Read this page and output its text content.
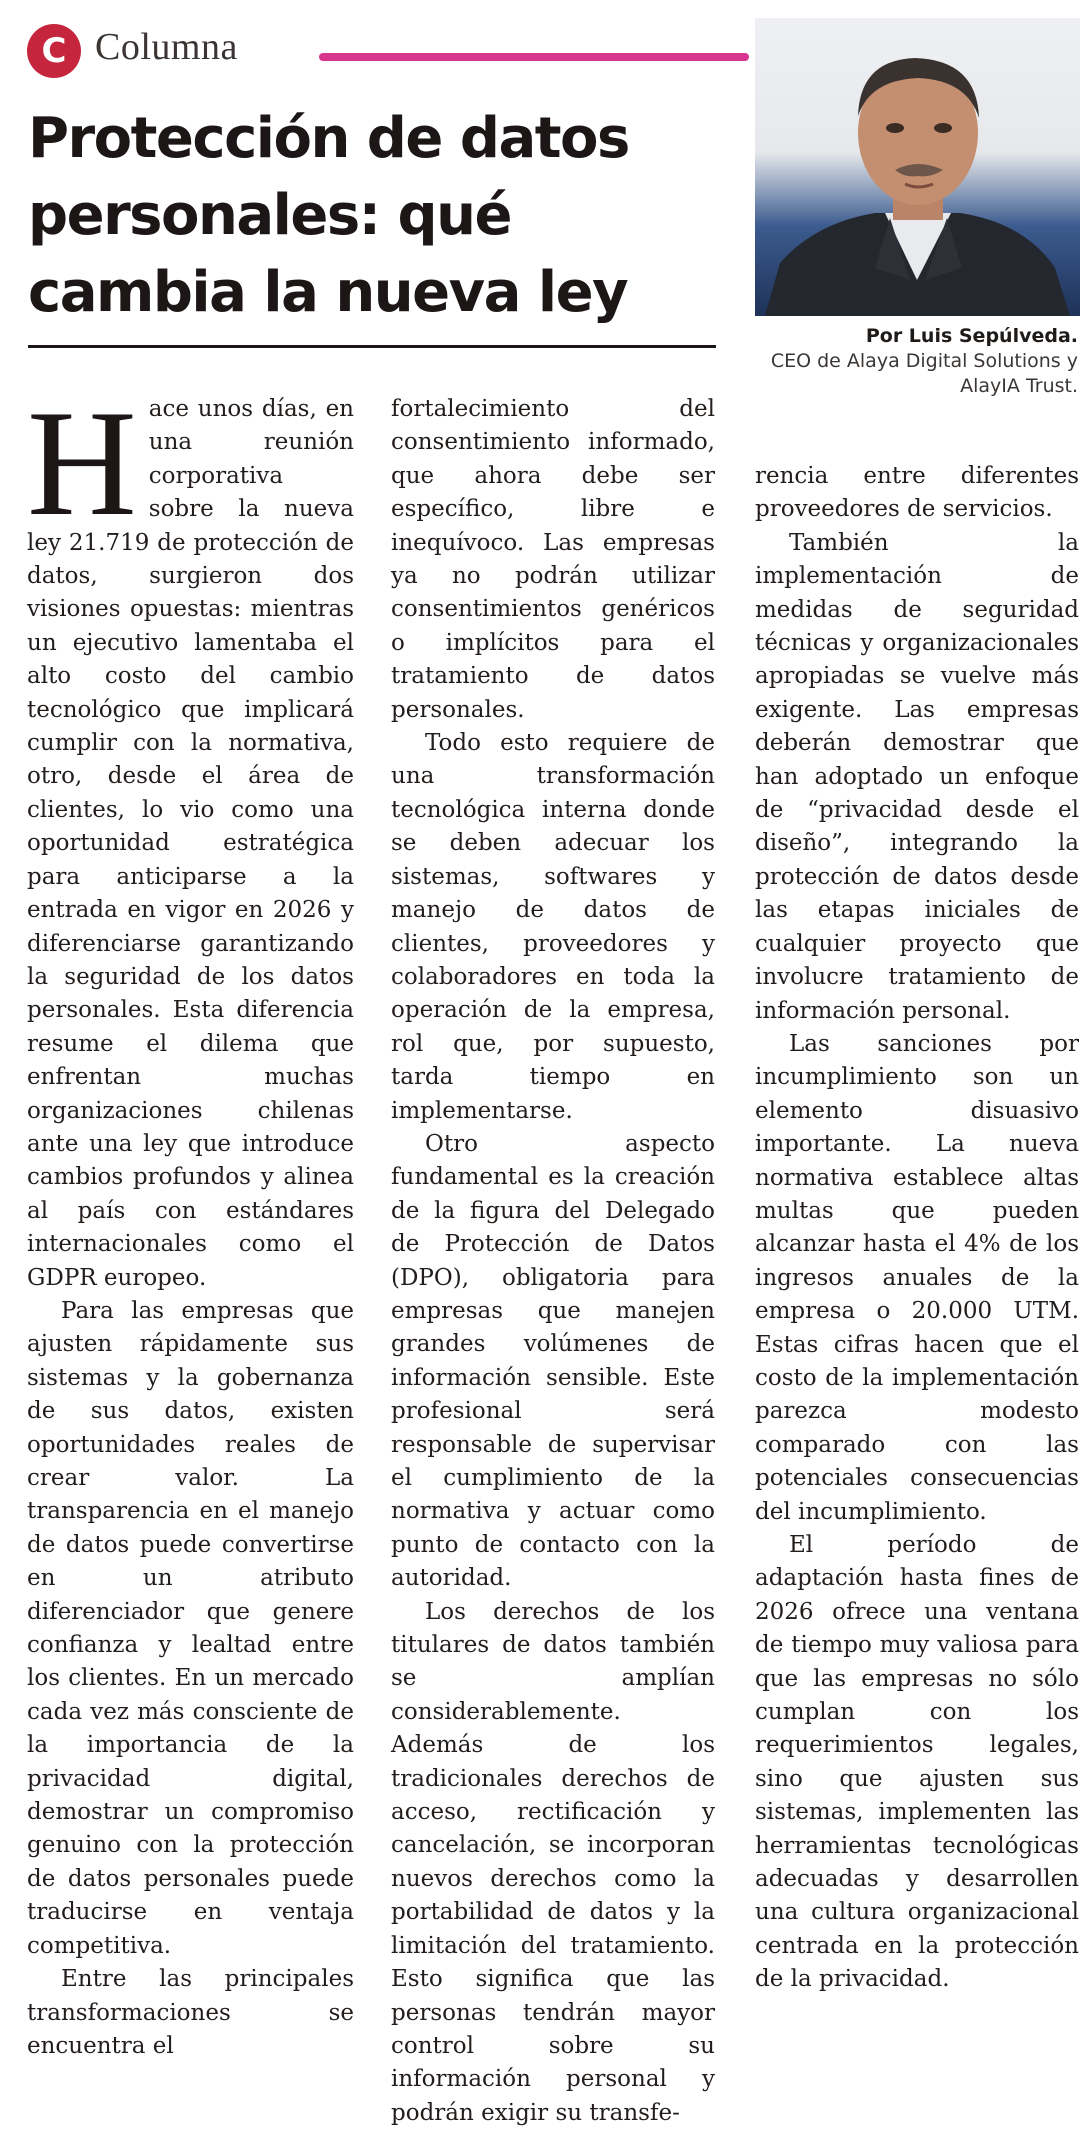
C Columna
Protección de datos personales: qué cambia la nueva ley
Por Luis Sepúlveda.
CEO de Alaya Digital Solutions y AlayIA Trust.

Hace unos días, en una reunión corporativa sobre la nueva ley 21.719 de protección de datos, surgieron dos visiones opuestas: mientras un ejecutivo lamentaba el alto costo del cambio tecnológico que implicará cumplir con la normativa, otro, desde el área de clientes, lo vio como una oportunidad estratégica para anticiparse a la entrada en vigor en 2026 y diferenciarse garantizando la seguridad de los datos personales. Esta diferencia resume el dilema que enfrentan muchas organizaciones chilenas ante una ley que introduce cambios profundos y alinea al país con estándares internacionales como el GDPR europeo.

Para las empresas que ajusten rápidamente sus sistemas y la gobernanza de sus datos, existen oportunidades reales de crear valor. La transparencia en el manejo de datos puede convertirse en un atributo diferenciador que genere confianza y lealtad entre los clientes. En un mercado cada vez más consciente de la importancia de la privacidad digital, demostrar un compromiso genuino con la protección de datos personales puede traducirse en ventaja competitiva.

Entre las principales transformaciones se encuentra el

fortalecimiento del consentimiento informado, que ahora debe ser específico, libre e inequívoco. Las empresas ya no podrán utilizar consentimientos genéricos o implícitos para el tratamiento de datos personales.

Todo esto requiere de una transformación tecnológica interna donde se deben adecuar los sistemas, softwares y manejo de datos de clientes, proveedores y colaboradores en toda la operación de la empresa, rol que, por supuesto, tarda tiempo en implementarse.

Otro aspecto fundamental es la creación de la figura del Delegado de Protección de Datos (DPO), obligatoria para empresas que manejen grandes volúmenes de información sensible. Este profesional será responsable de supervisar el cumplimiento de la normativa y actuar como punto de contacto con la autoridad.

Los derechos de los titulares de datos también se amplían considerablemente. Además de los tradicionales derechos de acceso, rectificación y cancelación, se incorporan nuevos derechos como la portabilidad de datos y la limitación del tratamiento. Esto significa que las personas tendrán mayor control sobre su información personal y podrán exigir su transfe-

rencia entre diferentes proveedores de servicios.

También la implementación de medidas de seguridad técnicas y organizacionales apropiadas se vuelve más exigente. Las empresas deberán demostrar que han adoptado un enfoque de “privacidad desde el diseño”, integrando la protección de datos desde las etapas iniciales de cualquier proyecto que involucre tratamiento de información personal.

Las sanciones por incumplimiento son un elemento disuasivo importante. La nueva normativa establece altas multas que pueden alcanzar hasta el 4% de los ingresos anuales de la empresa o 20.000 UTM. Estas cifras hacen que el costo de la implementación parezca modesto comparado con las potenciales consecuencias del incumplimiento.

El período de adaptación hasta fines de 2026 ofrece una ventana de tiempo muy valiosa para que las empresas no sólo cumplan con los requerimientos legales, sino que ajusten sus sistemas, implementen las herramientas tecnológicas adecuadas y desarrollen una cultura organizacional centrada en la protección de la privacidad.
